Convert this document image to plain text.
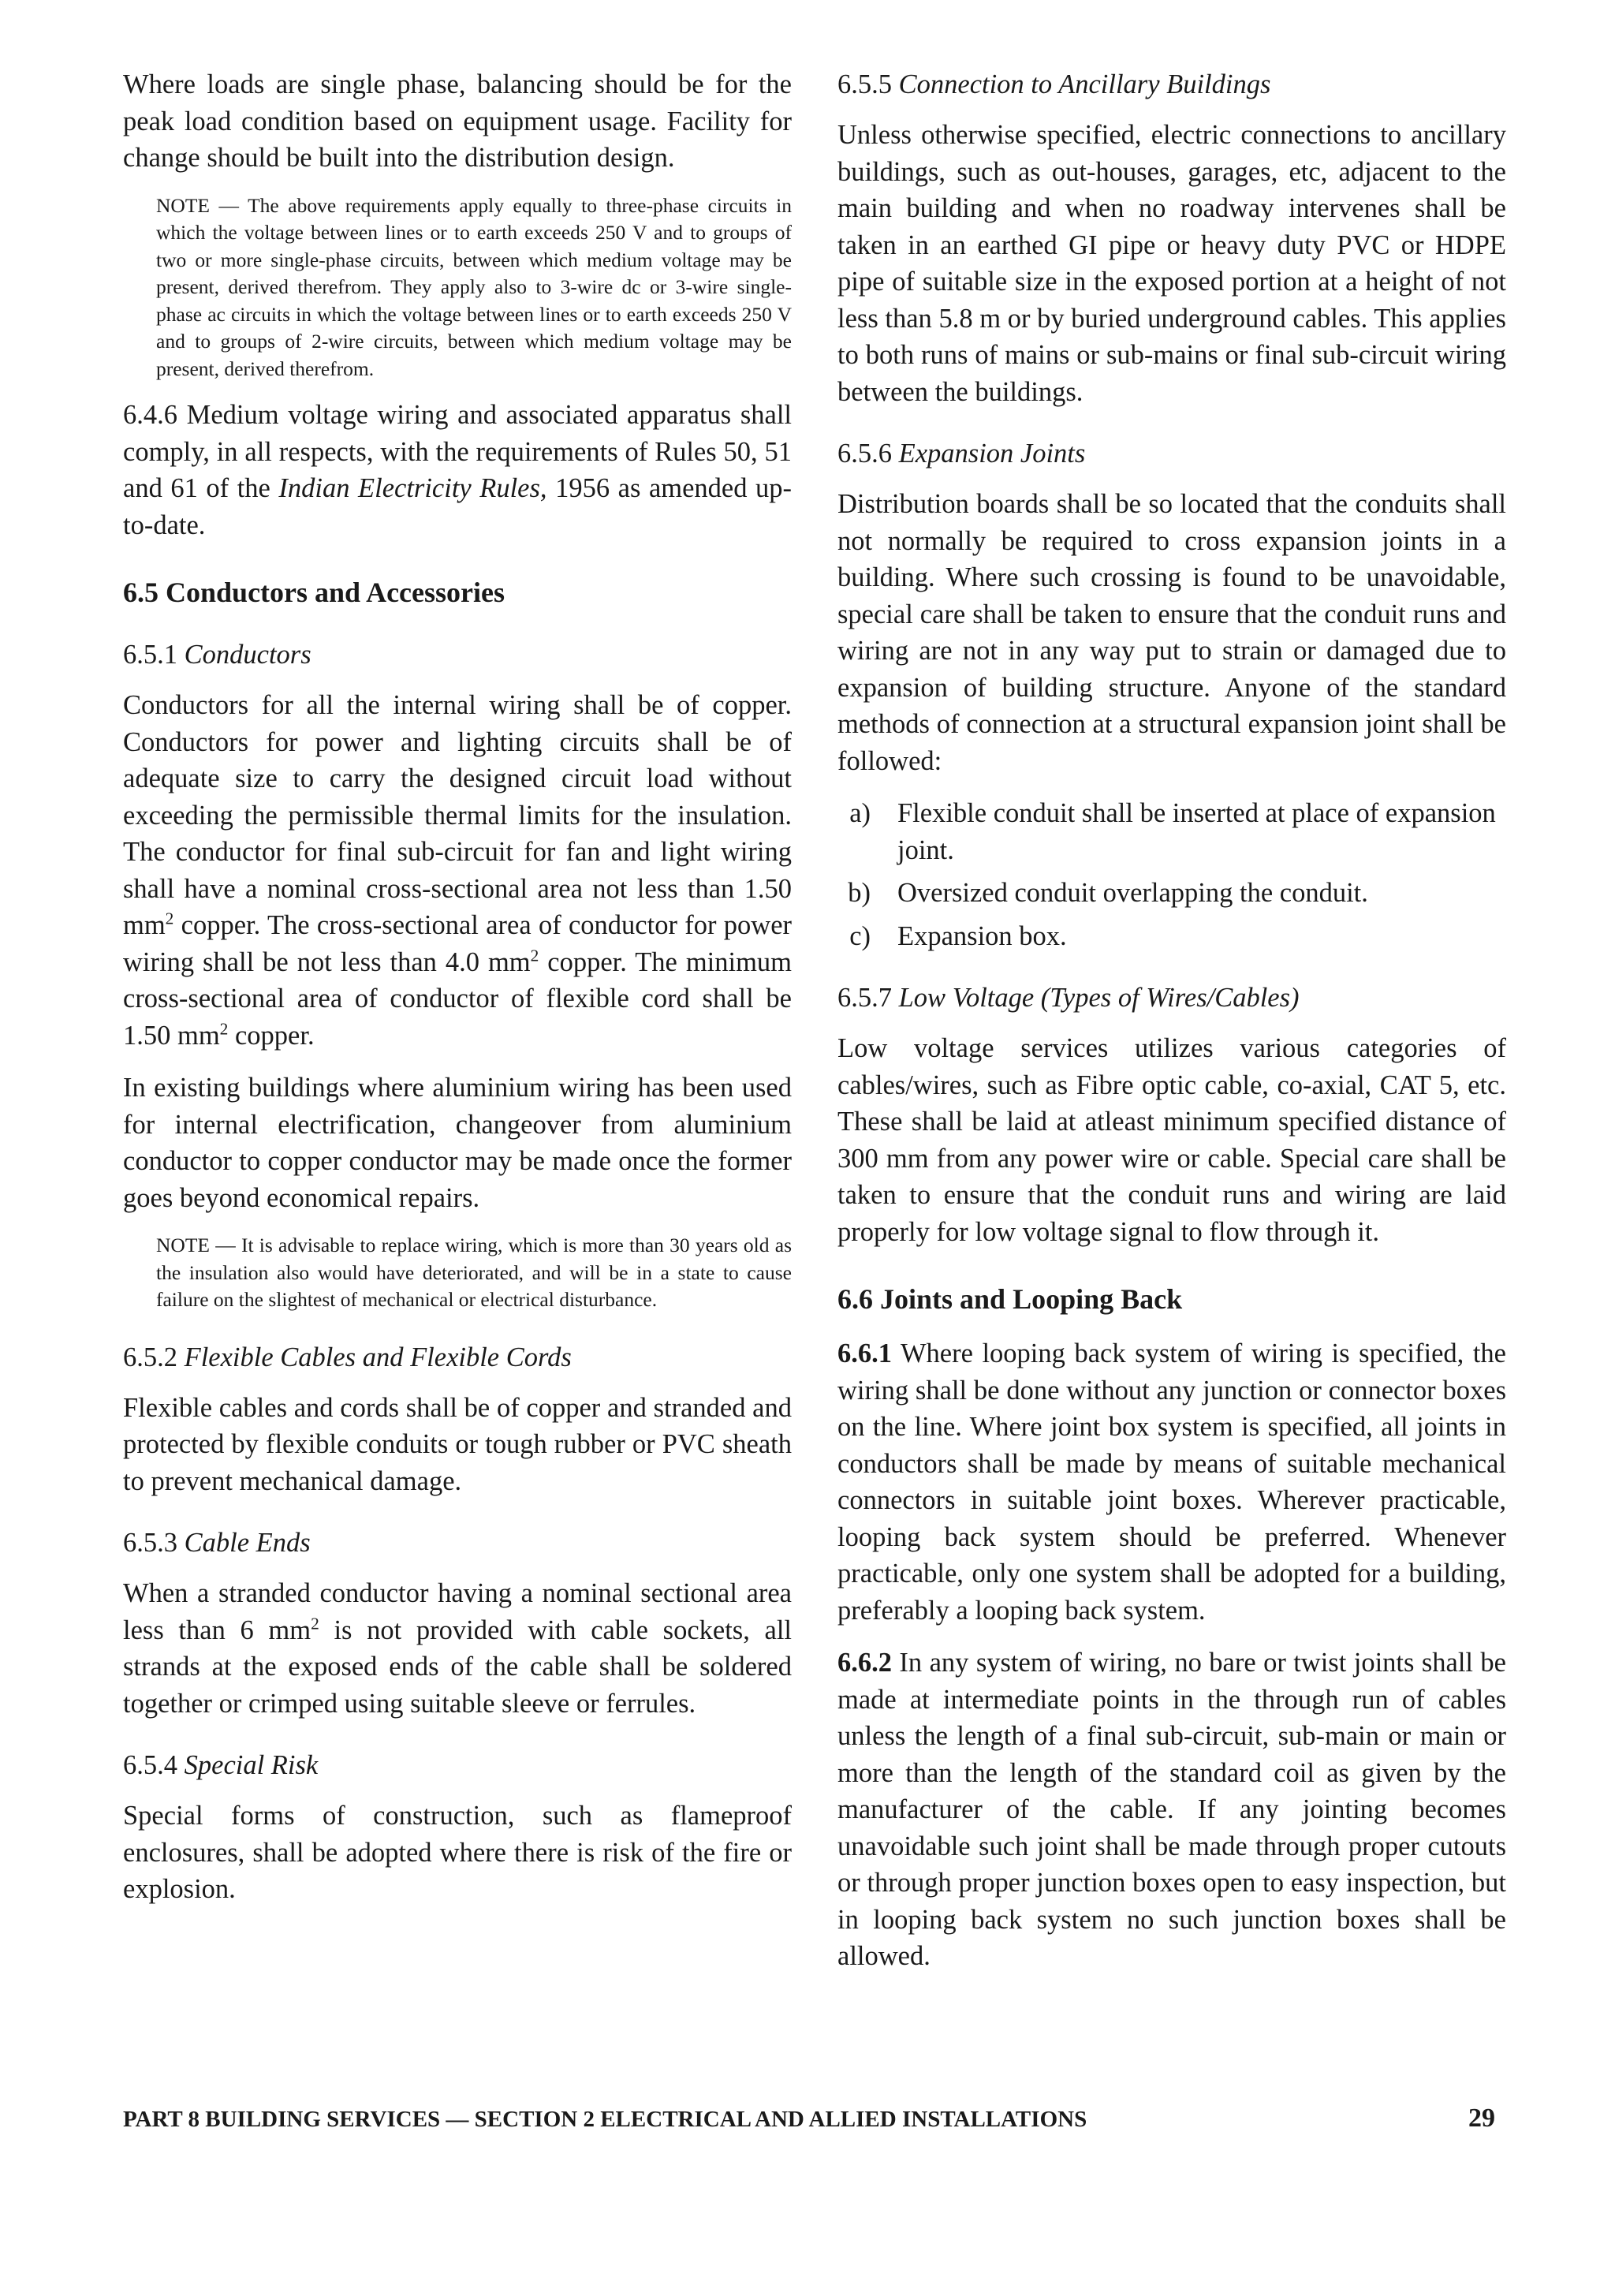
Where loads are single phase, balancing should be for the peak load condition based on equipment usage. Facility for change should be built into the distribution design.

NOTE — The above requirements apply equally to three-phase circuits in which the voltage between lines or to earth exceeds 250 V and to groups of two or more single-phase circuits, between which medium voltage may be present, derived therefrom. They apply also to 3-wire dc or 3-wire single-phase ac circuits in which the voltage between lines or to earth exceeds 250 V and to groups of 2-wire circuits, between which medium voltage may be present, derived therefrom.

6.4.6 Medium voltage wiring and associated apparatus shall comply, in all respects, with the requirements of Rules 50, 51 and 61 of the Indian Electricity Rules, 1956 as amended up-to-date.

6.5 Conductors and Accessories
6.5.1 Conductors

Conductors for all the internal wiring shall be of copper. Conductors for power and lighting circuits shall be of adequate size to carry the designed circuit load without exceeding the permissible thermal limits for the insulation. The conductor for final sub-circuit for fan and light wiring shall have a nominal cross-sectional area not less than 1.50 $mm^2$ copper. The cross-sectional area of conductor for power wiring shall be not less than 4.0 $mm^2$ copper. The minimum cross-sectional area of conductor of flexible cord shall be 1.50 $mm^2$ copper.

In existing buildings where aluminium wiring has been used for internal electrification, changeover from aluminium conductor to copper conductor may be made once the former goes beyond economical repairs.

NOTE — It is advisable to replace wiring, which is more than 30 years old as the insulation also would have deteriorated, and will be in a state to cause failure on the slightest of mechanical or electrical disturbance.

6.5.2 Flexible Cables and Flexible Cords

Flexible cables and cords shall be of copper and stranded and protected by flexible conduits or tough rubber or PVC sheath to prevent mechanical damage.

6.5.3 Cable Ends

When a stranded conductor having a nominal sectional area less than 6 $mm^2$ is not provided with cable sockets, all strands at the exposed ends of the cable shall be soldered together or crimped using suitable sleeve or ferrules.

6.5.4 Special Risk

Special forms of construction, such as flameproof enclosures, shall be adopted where there is risk of the fire or explosion.

6.5.5 Connection to Ancillary Buildings

Unless otherwise specified, electric connections to ancillary buildings, such as out-houses, garages, etc, adjacent to the main building and when no roadway intervenes shall be taken in an earthed GI pipe or heavy duty PVC or HDPE pipe of suitable size in the exposed portion at a height of not less than 5.8 m or by buried underground cables. This applies to both runs of mains or sub-mains or final sub-circuit wiring between the buildings.

6.5.6 Expansion Joints

Distribution boards shall be so located that the conduits shall not normally be required to cross expansion joints in a building. Where such crossing is found to be unavoidable, special care shall be taken to ensure that the conduit runs and wiring are not in any way put to strain or damaged due to expansion of building structure. Anyone of the standard methods of connection at a structural expansion joint shall be followed:

a) Flexible conduit shall be inserted at place of expansion joint.
b) Oversized conduit overlapping the conduit.
c) Expansion box.
6.5.7 Low Voltage (Types of Wires/Cables)

Low voltage services utilizes various categories of cables/wires, such as Fibre optic cable, co-axial, CAT 5, etc. These shall be laid at atleast minimum specified distance of 300 mm from any power wire or cable. Special care shall be taken to ensure that the conduit runs and wiring are laid properly for low voltage signal to flow through it.

6.6 Joints and Looping Back

6.6.1 Where looping back system of wiring is specified, the wiring shall be done without any junction or connector boxes on the line. Where joint box system is specified, all joints in conductors shall be made by means of suitable mechanical connectors in suitable joint boxes. Wherever practicable, looping back system should be preferred. Whenever practicable, only one system shall be adopted for a building, preferably a looping back system.

6.6.2 In any system of wiring, no bare or twist joints shall be made at intermediate points in the through run of cables unless the length of a final sub-circuit, sub-main or main or more than the length of the standard coil as given by the manufacturer of the cable. If any jointing becomes unavoidable such joint shall be made through proper cutouts or through proper junction boxes open to easy inspection, but in looping back system no such junction boxes shall be allowed.

PART 8 BUILDING SERVICES — SECTION 2 ELECTRICAL AND ALLIED INSTALLATIONS	29
